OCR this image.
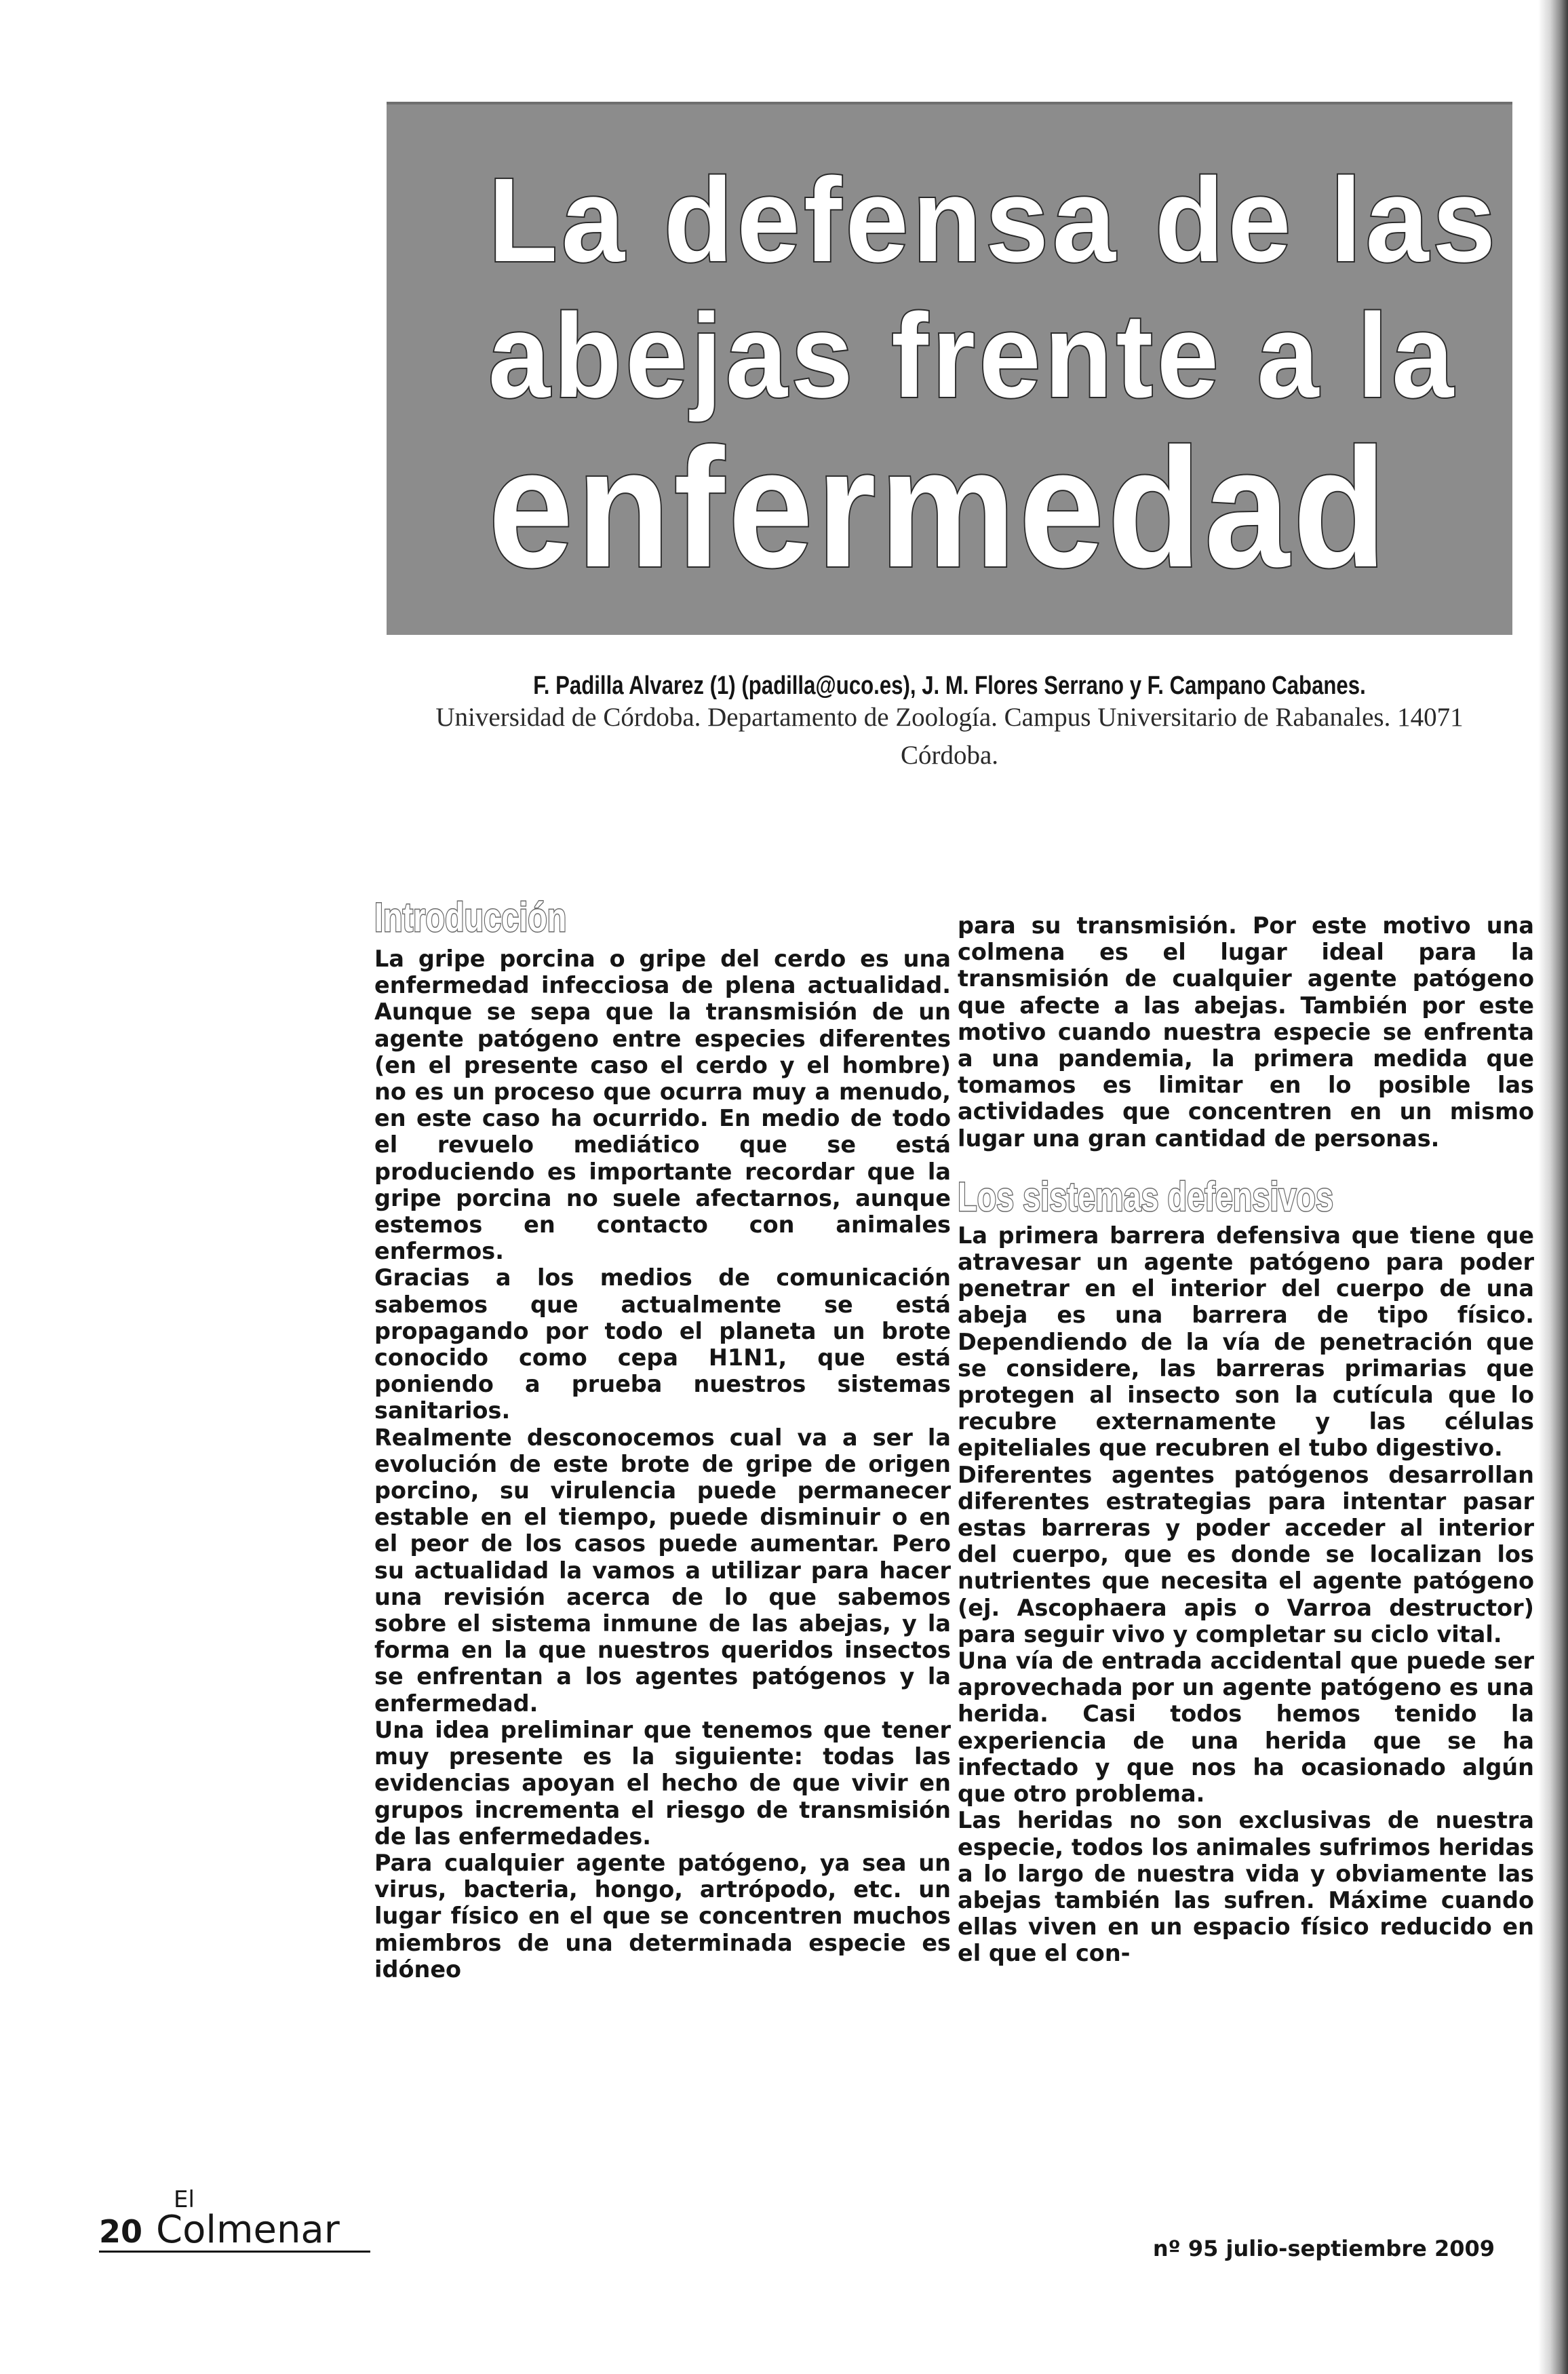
La defensa de las
abejas frente a la
enfermedad
F. Padilla Alvarez (1) (padilla@uco.es), J. M. Flores Serrano y F. Campano Cabanes.
Universidad de Córdoba. Departamento de Zoología. Campus Universitario de Rabanales. 14071 Córdoba.
Introducción

La gripe porcina o gripe del cerdo es una enfermedad infecciosa de plena actualidad. Aunque se sepa que la transmisión de un agente patógeno entre especies diferentes (en el presente caso el cerdo y el hombre) no es un proceso que ocurra muy a menudo, en este caso ha ocurrido. En medio de todo el revuelo mediático que se está produciendo es importante recordar que la gripe porcina no suele afectarnos, aunque estemos en contacto con animales enfermos.

Gracias a los medios de comunicación sabemos que actualmente se está propagando por todo el planeta un brote conocido como cepa H1N1, que está poniendo a prueba nuestros sistemas sanitarios.

Realmente desconocemos cual va a ser la evolución de este brote de gripe de origen porcino, su virulencia puede permanecer estable en el tiempo, puede disminuir o en el peor de los casos puede aumentar. Pero su actualidad la vamos a utilizar para hacer una revisión acerca de lo que sabemos sobre el sistema inmune de las abejas, y la forma en la que nuestros queridos insectos se enfrentan a los agentes patógenos y la enfermedad.

Una idea preliminar que tenemos que tener muy presente es la siguiente: todas las evidencias apoyan el hecho de que vivir en grupos incrementa el riesgo de transmisión de las enfermedades.

Para cualquier agente patógeno, ya sea un virus, bacteria, hongo, artrópodo, etc. un lugar físico en el que se concentren muchos miembros de una determinada especie es idóneo

para su transmisión. Por este motivo una colmena es el lugar ideal para la transmisión de cualquier agente patógeno que afecte a las abejas. También por este motivo cuando nuestra especie se enfrenta a una pandemia, la primera medida que tomamos es limitar en lo posible las actividades que concentren en un mismo lugar una gran cantidad de personas.

Los sistemas defensivos

La primera barrera defensiva que tiene que atravesar un agente patógeno para poder penetrar en el interior del cuerpo de una abeja es una barrera de tipo físico. Dependiendo de la vía de penetración que se considere, las barreras primarias que protegen al insecto son la cutícula que lo recubre externamente y las células epiteliales que recubren el tubo digestivo.

Diferentes agentes patógenos desarrollan diferentes estrategias para intentar pasar estas barreras y poder acceder al interior del cuerpo, que es donde se localizan los nutrientes que necesita el agente patógeno (ej. Ascophaera apis o Varroa destructor) para seguir vivo y completar su ciclo vital.

Una vía de entrada accidental que puede ser aprovechada por un agente patógeno es una herida. Casi todos hemos tenido la experiencia de una herida que se ha infectado y que nos ha ocasionado algún que otro problema.

Las heridas no son exclusivas de nuestra especie, todos los animales sufrimos heridas a lo largo de nuestra vida y obviamente las abejas también las sufren. Máxime cuando ellas viven en un espacio físico reducido en el que el con-

20
El
Colmenar	nº 95 julio-septiembre 2009
